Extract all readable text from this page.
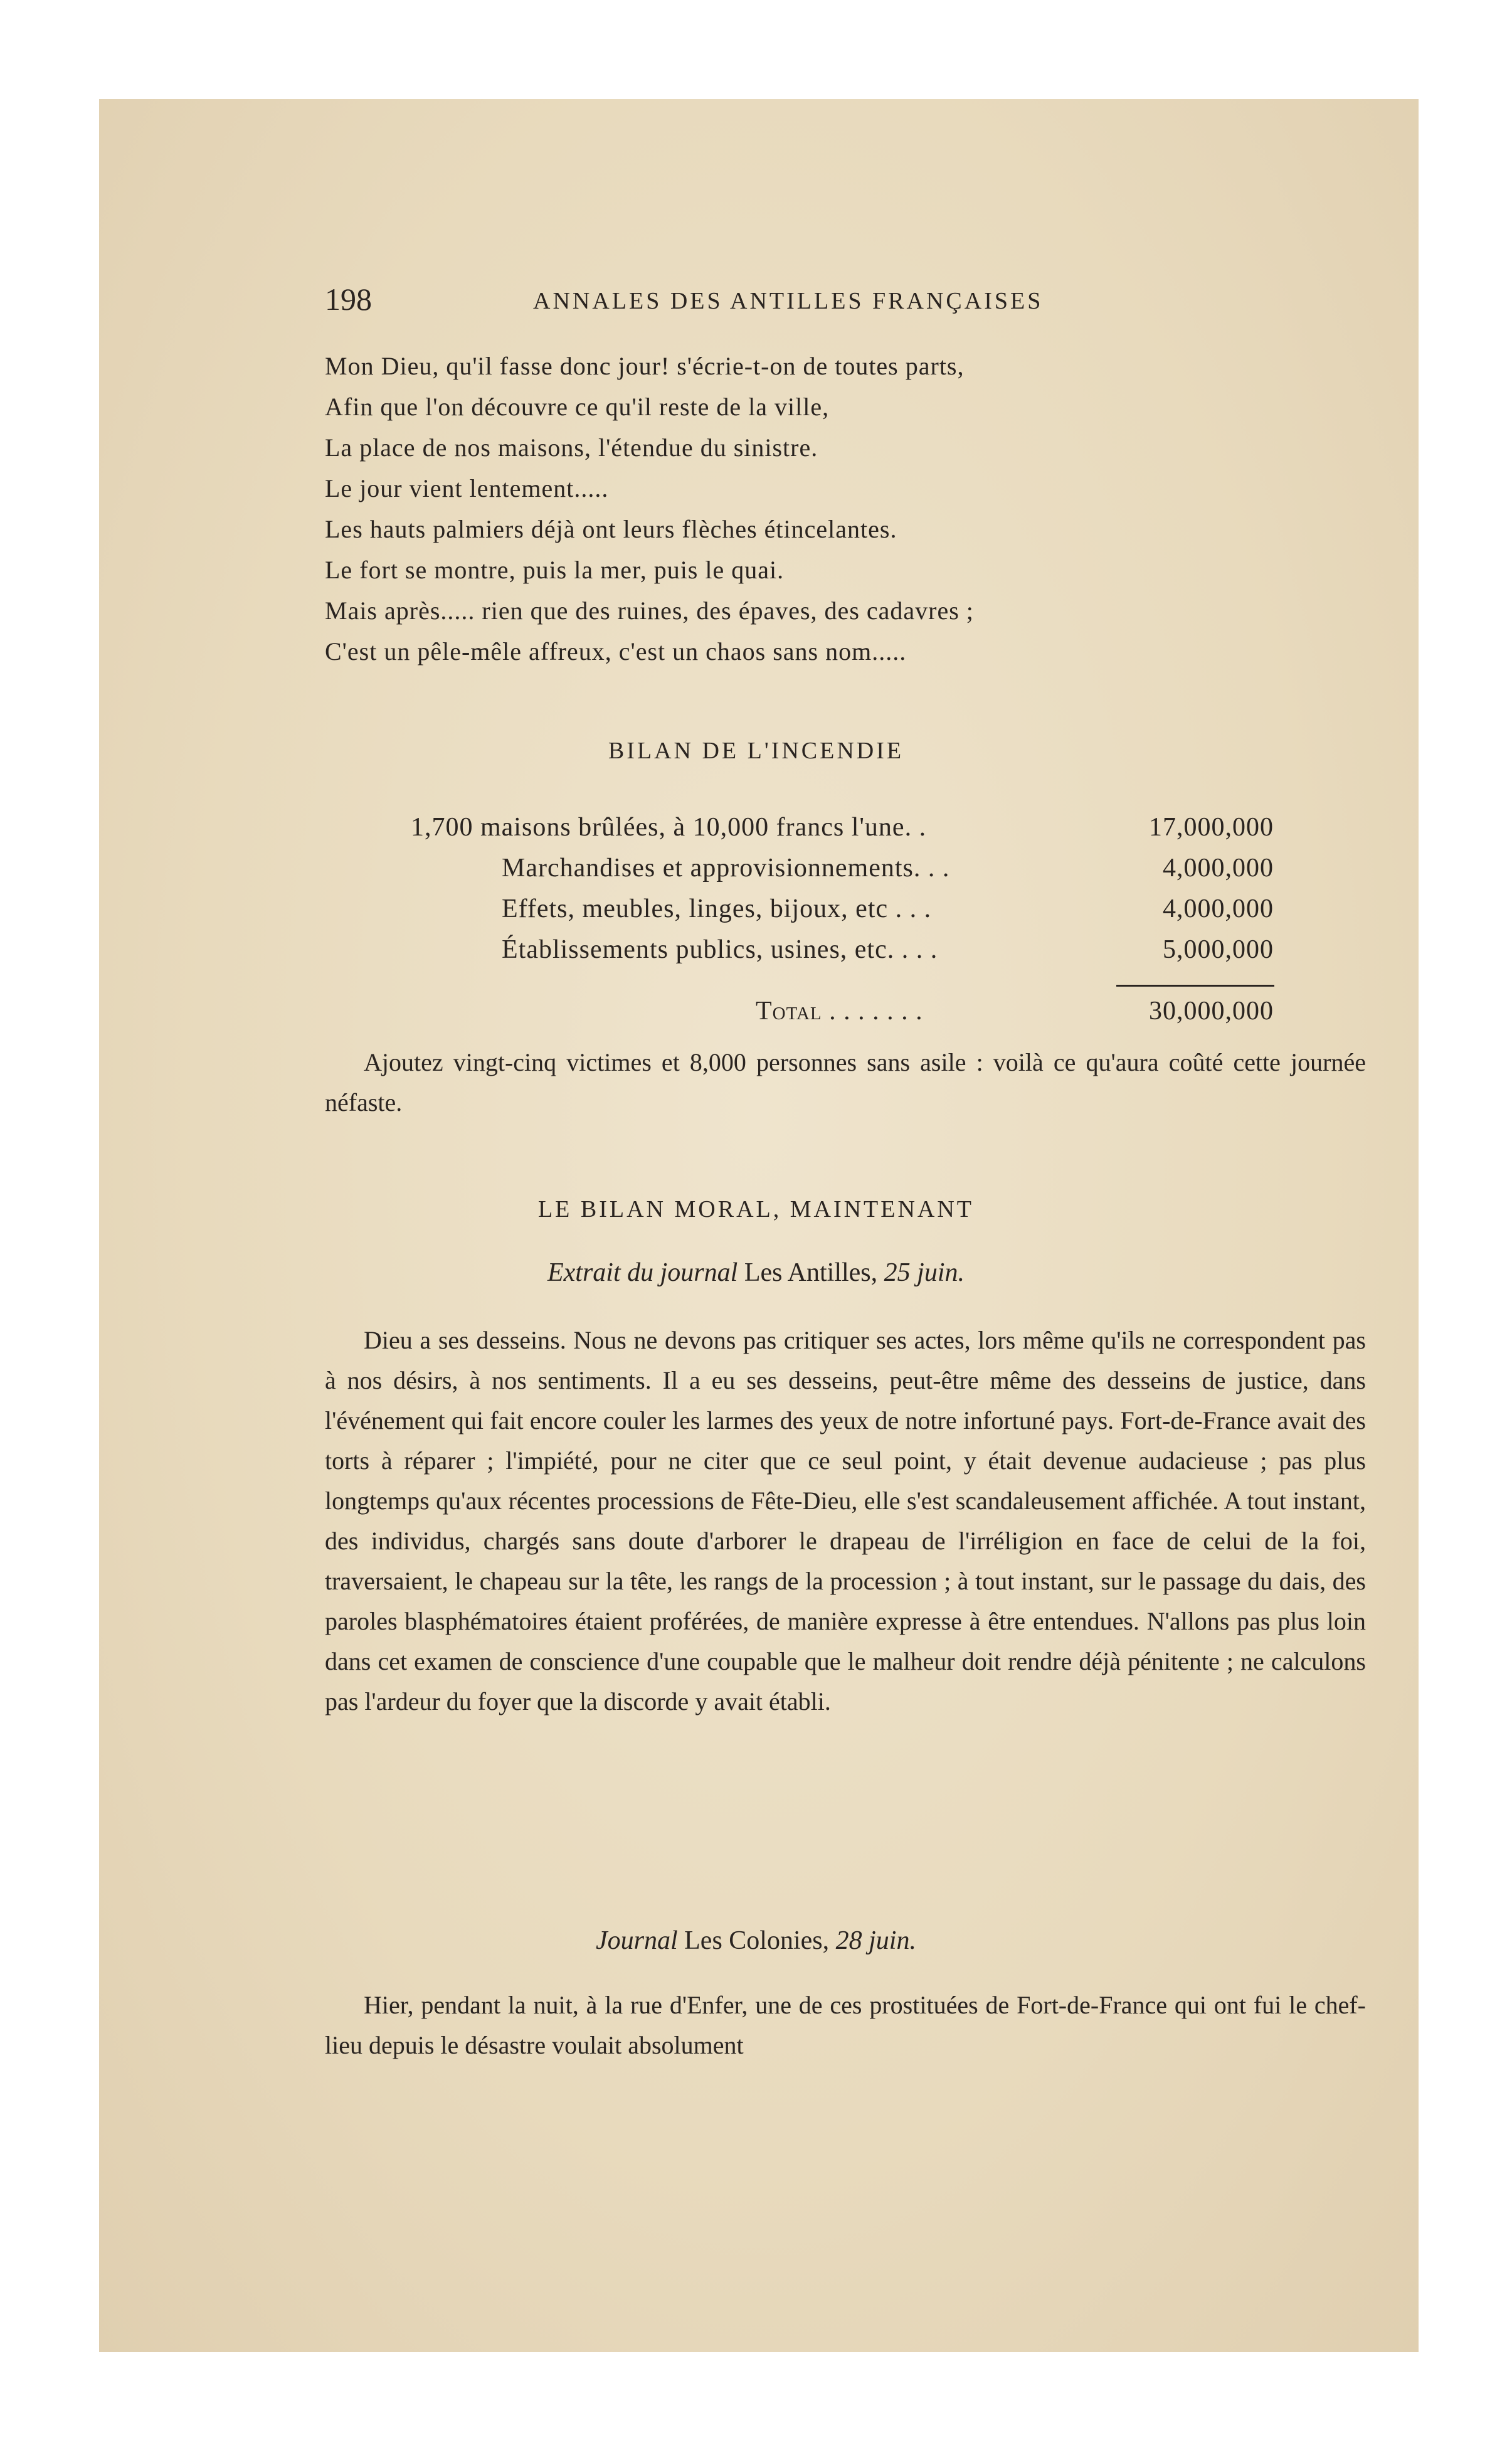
198	ANNALES DES ANTILLES FRANÇAISES
Mon Dieu, qu'il fasse donc jour! s'écrie-t-on de toutes parts,
Afin que l'on découvre ce qu'il reste de la ville,
La place de nos maisons, l'étendue du sinistre.
Le jour vient lentement.....
Les hauts palmiers déjà ont leurs flèches étincelantes.
Le fort se montre, puis la mer, puis le quai.
Mais après..... rien que des ruines, des épaves, des cadavres ;
C'est un pêle-mêle affreux, c'est un chaos sans nom.....
BILAN DE L'INCENDIE
1,700 maisons brûlées, à 10,000 francs l'une. .	17,000,000
Marchandises et approvisionnements. . .	4,000,000
Effets, meubles, linges, bijoux, etc . . .	4,000,000
Établissements publics, usines, etc. . . .	5,000,000
Total . . . . . . .	30,000,000
Ajoutez vingt-cinq victimes et 8,000 personnes sans asile : voilà ce qu'aura coûté cette journée néfaste.
LE BILAN MORAL, MAINTENANT
Extrait du journal Les Antilles, 25 juin.
Dieu a ses desseins. Nous ne devons pas critiquer ses actes, lors même qu'ils ne correspondent pas à nos désirs, à nos sentiments. Il a eu ses desseins, peut-être même des desseins de justice, dans l'événement qui fait encore couler les larmes des yeux de notre infortuné pays. Fort-de-France avait des torts à réparer ; l'impiété, pour ne citer que ce seul point, y était devenue audacieuse ; pas plus longtemps qu'aux récentes processions de Fête-Dieu, elle s'est scandaleusement affichée. A tout instant, des individus, chargés sans doute d'arborer le drapeau de l'irréligion en face de celui de la foi, traversaient, le chapeau sur la tête, les rangs de la procession ; à tout instant, sur le passage du dais, des paroles blasphématoires étaient proférées, de manière expresse à être entendues. N'allons pas plus loin dans cet examen de conscience d'une coupable que le malheur doit rendre déjà pénitente ; ne calculons pas l'ardeur du foyer que la discorde y avait établi.
Journal Les Colonies, 28 juin.
Hier, pendant la nuit, à la rue d'Enfer, une de ces prostituées de Fort-de-France qui ont fui le chef-lieu depuis le désastre voulait absolument
